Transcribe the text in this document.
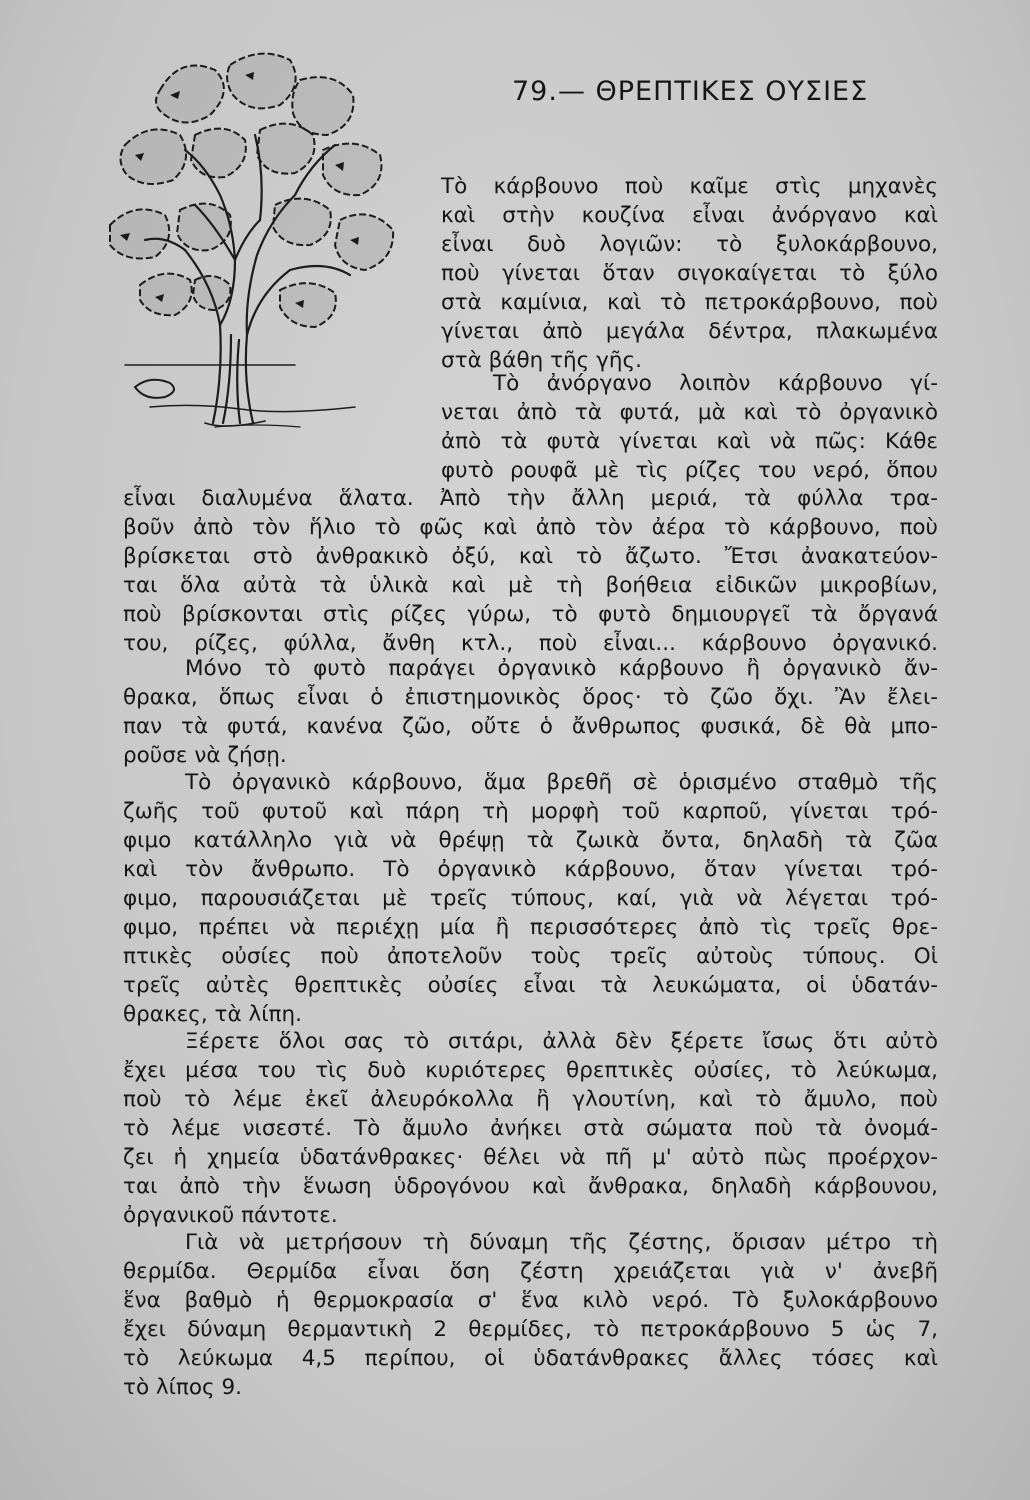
79.— ΘΡΕΠΤΙΚΕΣ ΟΥΣΙΕΣ
Τὸ κάρβουνο ποὺ καῖμε στὶς μηχανὲς
καὶ στὴν κουζίνα εἶναι ἀνόργανο καὶ
εἶναι δυὸ λογιῶν: τὸ ξυλοκάρβουνο,
ποὺ γίνεται ὅταν σιγοκαίγεται τὸ ξύλο
στὰ καμίνια, καὶ τὸ πετροκάρβουνο, ποὺ
γίνεται ἀπὸ μεγάλα δέντρα, πλακωμένα
στὰ βάθη τῆς γῆς.
Τὸ ἀνόργανο λοιπὸν κάρβουνο γί-
νεται ἀπὸ τὰ φυτά, μὰ καὶ τὸ ὀργανικὸ
ἀπὸ τὰ φυτὰ γίνεται καὶ νὰ πῶς: Κάθε
φυτὸ ρουφᾶ μὲ τὶς ρίζες του νερό, ὅπου
εἶναι διαλυμένα ἅλατα. Ἀπὸ τὴν ἄλλη μεριά, τὰ φύλλα τρα-
βοῦν ἀπὸ τὸν ἥλιο τὸ φῶς καὶ ἀπὸ τὸν ἀέρα τὸ κάρβουνο, ποὺ
βρίσκεται στὸ ἀνθρακικὸ ὀξύ, καὶ τὸ ἄζωτο. Ἔτσι ἀνακατεύον-
ται ὅλα αὐτὰ τὰ ὑλικὰ καὶ μὲ τὴ βοήθεια εἰδικῶν μικροβίων,
ποὺ βρίσκονται στὶς ρίζες γύρω, τὸ φυτὸ δημιουργεῖ τὰ ὄργανά
του, ρίζες, φύλλα, ἄνθη κτλ., ποὺ εἶναι... κάρβουνο ὀργανικό.
Μόνο τὸ φυτὸ παράγει ὀργανικὸ κάρβουνο ἢ ὀργανικὸ ἄν-
θρακα, ὅπως εἶναι ὁ ἐπιστημονικὸς ὅρος· τὸ ζῶο ὄχι. Ἂν ἔλει-
παν τὰ φυτά, κανένα ζῶο, οὔτε ὁ ἄνθρωπος φυσικά, δὲ θὰ μπο-
ροῦσε νὰ ζήσῃ.
Τὸ ὀργανικὸ κάρβουνο, ἅμα βρεθῆ σὲ ὁρισμένο σταθμὸ τῆς
ζωῆς τοῦ φυτοῦ καὶ πάρη τὴ μορφὴ τοῦ καρποῦ, γίνεται τρό-
φιμο κατάλληλο γιὰ νὰ θρέψῃ τὰ ζωικὰ ὄντα, δηλαδὴ τὰ ζῶα
καὶ τὸν ἄνθρωπο. Τὸ ὀργανικὸ κάρβουνο, ὅταν γίνεται τρό-
φιμο, παρουσιάζεται μὲ τρεῖς τύπους, καί, γιὰ νὰ λέγεται τρό-
φιμο, πρέπει νὰ περιέχῃ μία ἢ περισσότερες ἀπὸ τὶς τρεῖς θρε-
πτικὲς οὐσίες ποὺ ἀποτελοῦν τοὺς τρεῖς αὐτοὺς τύπους. Οἱ
τρεῖς αὐτὲς θρεπτικὲς οὐσίες εἶναι τὰ λευκώματα, οἱ ὑδατάν-
θρακες, τὰ λίπη.
Ξέρετε ὅλοι σας τὸ σιτάρι, ἀλλὰ δὲν ξέρετε ἴσως ὅτι αὐτὸ
ἔχει μέσα του τὶς δυὸ κυριότερες θρεπτικὲς οὐσίες, τὸ λεύκωμα,
ποὺ τὸ λέμε ἐκεῖ ἀλευρόκολλα ἢ γλουτίνη, καὶ τὸ ἄμυλο, ποὺ
τὸ λέμε νισεστέ. Τὸ ἄμυλο ἀνήκει στὰ σώματα ποὺ τὰ ὀνομά-
ζει ἡ χημεία ὑδατάνθρακες· θέλει νὰ πῆ μ' αὐτὸ πὼς προέρχον-
ται ἀπὸ τὴν ἕνωση ὑδρογόνου καὶ ἄνθρακα, δηλαδὴ κάρβουνου,
ὀργανικοῦ πάντοτε.
Γιὰ νὰ μετρήσουν τὴ δύναμη τῆς ζέστης, ὅρισαν μέτρο τὴ
θερμίδα. Θερμίδα εἶναι ὅση ζέστη χρειάζεται γιὰ ν' ἀνεβῆ
ἕνα βαθμὸ ἡ θερμοκρασία σ' ἕνα κιλὸ νερό. Τὸ ξυλοκάρβουνο
ἔχει δύναμη θερμαντικὴ 2 θερμίδες, τὸ πετροκάρβουνο 5 ὡς 7,
τὸ λεύκωμα 4,5 περίπου, οἱ ὑδατάνθρακες ἄλλες τόσες καὶ
τὸ λίπος 9.
